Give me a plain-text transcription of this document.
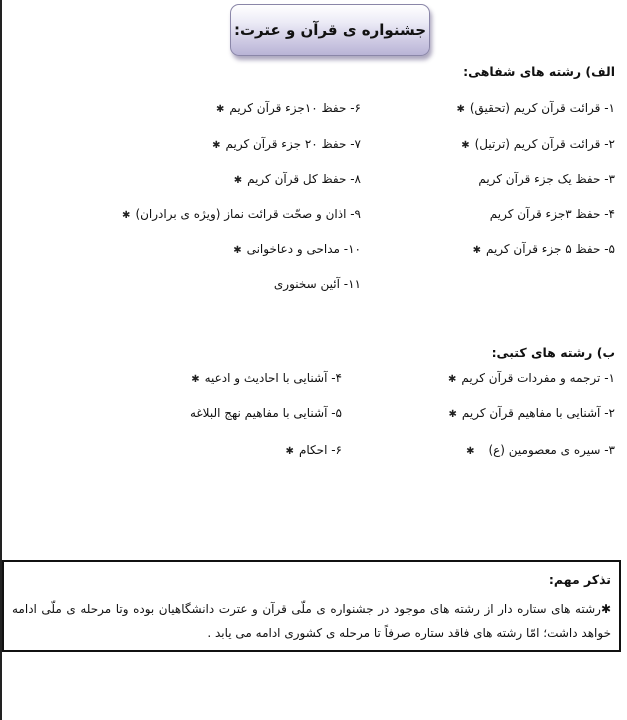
جشنواره ی قرآن و عترت:
الف) رشته های شفاهی:
۱- قرائت قرآن کریم (تحقیق)✱
۲- قرائت قرآن کریم (ترتیل)✱
۳- حفظ یک جزء قرآن کریم
۴- حفظ ۳جزء قرآن کریم
۵- حفظ ۵ جزء قرآن کریم✱
۶- حفظ ۱۰جزء قرآن کریم✱
۷- حفظ ۲۰ جزء قرآن کریم✱
۸- حفظ کل قرآن کریم✱
۹- اذان و صحّت قرائت نماز (ویژه ی برادران)✱
۱۰- مداحی و دعاخوانی✱
۱۱- آئین سخنوری
ب) رشته های کتبی:
۱- ترجمه و مفردات قرآن کریم✱
۲- آشنایی با مفاهیم قرآن کریم✱
۳- سیره ی معصومین (ع)✱
۴- آشنایی با احادیث و ادعیه✱
۵- آشنایی با مفاهیم نهج البلاغه
۶- احکام✱
تذکر مهم:
✱رشته های ستاره دار از رشته های موجود در جشنواره ی ملّی قرآن و عترت دانشگاهیان بوده وتا مرحله ی ملّی ادامه خواهد داشت؛ امّا رشته های فاقد ستاره صرفاً تا مرحله ی کشوری ادامه می یابد .
